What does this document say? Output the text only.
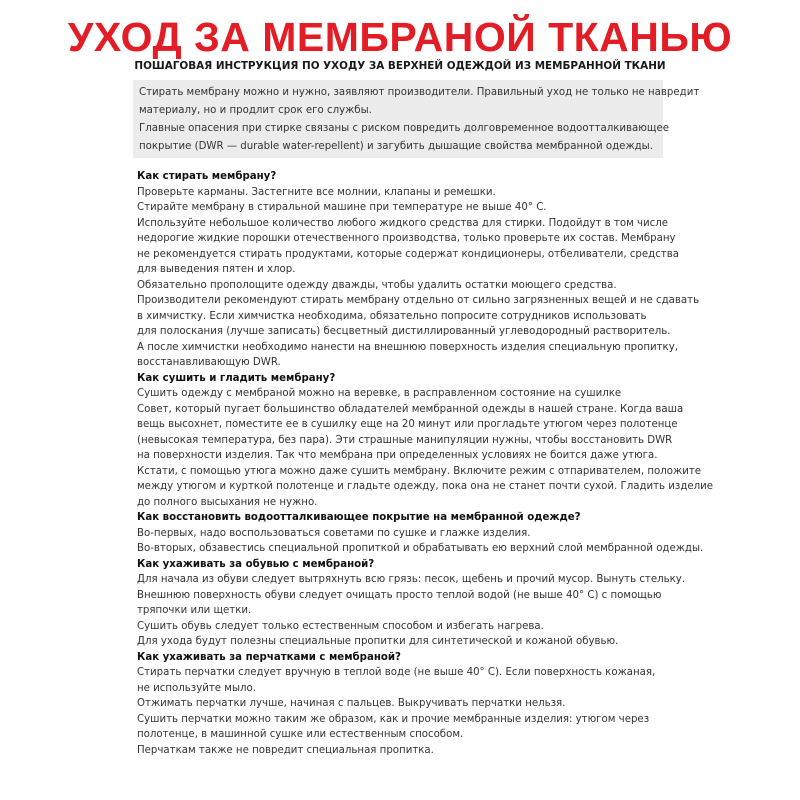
УХОД ЗА МЕМБРАНОЙ ТКАНЬЮ
ПОШАГОВАЯ ИНСТРУКЦИЯ ПО УХОДУ ЗА ВЕРХНЕЙ ОДЕЖДОЙ ИЗ МЕМБРАННОЙ ТКАНИ
Стирать мембрану можно и нужно, заявляют производители. Правильный уход не только не навредит
материалу, но и продлит срок его службы.
Главные опасения при стирке связаны с риском повредить долговременное водоотталкивающее
покрытие (DWR — durable water-repellent) и загубить дышащие свойства мембранной одежды.
Как стирать мембрану?
Проверьте карманы. Застегните все молнии, клапаны и ремешки.
Стирайте мембрану в стиральной машине при температуре не выше 40° С.
Используйте небольшое количество любого жидкого средства для стирки. Подойдут в том числе
недорогие жидкие порошки отечественного производства, только проверьте их состав. Мембрану
не рекомендуется стирать продуктами, которые содержат кондиционеры, отбеливатели, средства
для выведения пятен и хлор.
Обязательно прополощите одежду дважды, чтобы удалить остатки моющего средства.
Производители рекомендуют стирать мембрану отдельно от сильно загрязненных вещей и не сдавать
в химчистку. Если химчистка необходима, обязательно попросите сотрудников использовать
для полоскания (лучше записать) бесцветный дистиллированный углеводородный растворитель.
А после химчистки необходимо нанести на внешнюю поверхность изделия специальную пропитку,
восстанавливающую DWR.
Как сушить и гладить мембрану?
Сушить одежду с мембраной можно на веревке, в расправленном состояние на сушилке
Совет, который пугает большинство обладателей мембранной одежды в нашей стране. Когда ваша
вещь высохнет, поместите ее в сушилку еще на 20 минут или прогладьте утюгом через полотенце
(невысокая температура, без пара). Эти страшные манипуляции нужны, чтобы восстановить DWR
на поверхности изделия. Так что мембрана при определенных условиях не боится даже утюга.
Кстати, с помощью утюга можно даже сушить мембрану. Включите режим с отпаривателем, положите
между утюгом и курткой полотенце и гладьте одежду, пока она не станет почти сухой. Гладить изделие
до полного высыхания не нужно.
Как восстановить водоотталкивающее покрытие на мембранной одежде?
Во-первых, надо воспользоваться советами по сушке и глажке изделия.
Во-вторых, обзавестись специальной пропиткой и обрабатывать ею верхний слой мембранной одежды.
Как ухаживать за обувью с мембраной?
Для начала из обуви следует вытряхнуть всю грязь: песок, щебень и прочий мусор. Вынуть стельку.
Внешнюю поверхность обуви следует очищать просто теплой водой (не выше 40° С) с помощью
тряпочки или щетки.
Сушить обувь следует только естественным способом и избегать нагрева.
Для ухода будут полезны специальные пропитки для синтетической и кожаной обувью.
Как ухаживать за перчатками с мембраной?
Стирать перчатки следует вручную в теплой воде (не выше 40° С). Если поверхность кожаная,
не используйте мыло.
Отжимать перчатки лучше, начиная с пальцев. Выкручивать перчатки нельзя.
Сушить перчатки можно таким же образом, как и прочие мембранные изделия: утюгом через
полотенце, в машинной сушке или естественным способом.
Перчаткам также не повредит специальная пропитка.
